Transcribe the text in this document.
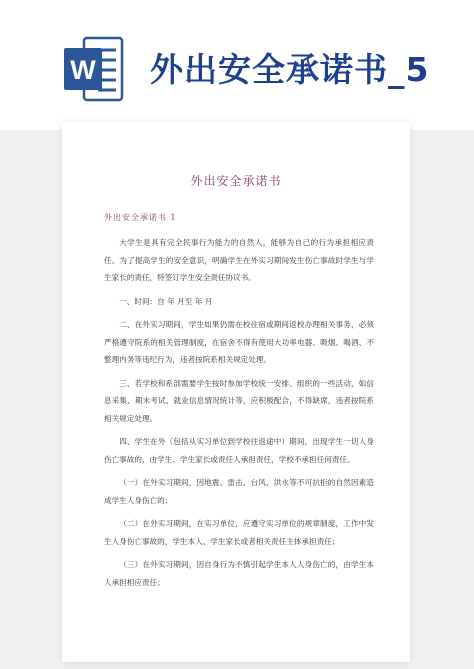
W 外出安全承诺书_5
外出安全承诺书
外出安全承诺书 1

大学生是具有完全民事行为能力的自然人，能够为自己的行为承担相应责任。为了提高学生的安全意识，明确学生在外实习期间发生伤亡事故时学生与学生家长的责任，特签订学生安全责任协议书。

一、时间：自 年 月至 年 月

二、在外实习期间，学生如果仍需在校住宿或期间返校办理相关事务，必须严格遵守院系的相关管理制度，在宿舍不得有使用大功率电器、吸烟、喝酒、不整理内务等违纪行为，违者按院系相关规定处理。

三、若学校和系部需要学生按时参加学校统一安排、组织的一些活动，如信息采集、期末考试、就业信息情况统计等，应积极配合，不得缺席，违者按院系相关规定处理。

四、学生在外（包括从实习单位到学校往返途中）期间，出现学生一切人身伤亡事故的，由学生、学生家长或责任人承担责任，学校不承担任何责任。

（一）在外实习期间，因地震、雷击、台风、洪水等不可抗拒的自然因素造成学生人身伤亡的；

（二）在外实习期间，在实习单位，应遵守实习单位的规章制度，工作中发生人身伤亡事故的，学生本人、学生家长或者相关责任主体承担责任；

（三）在外实习期间，因自身行为不慎引起学生本人人身伤亡的，由学生本人承担相应责任；
